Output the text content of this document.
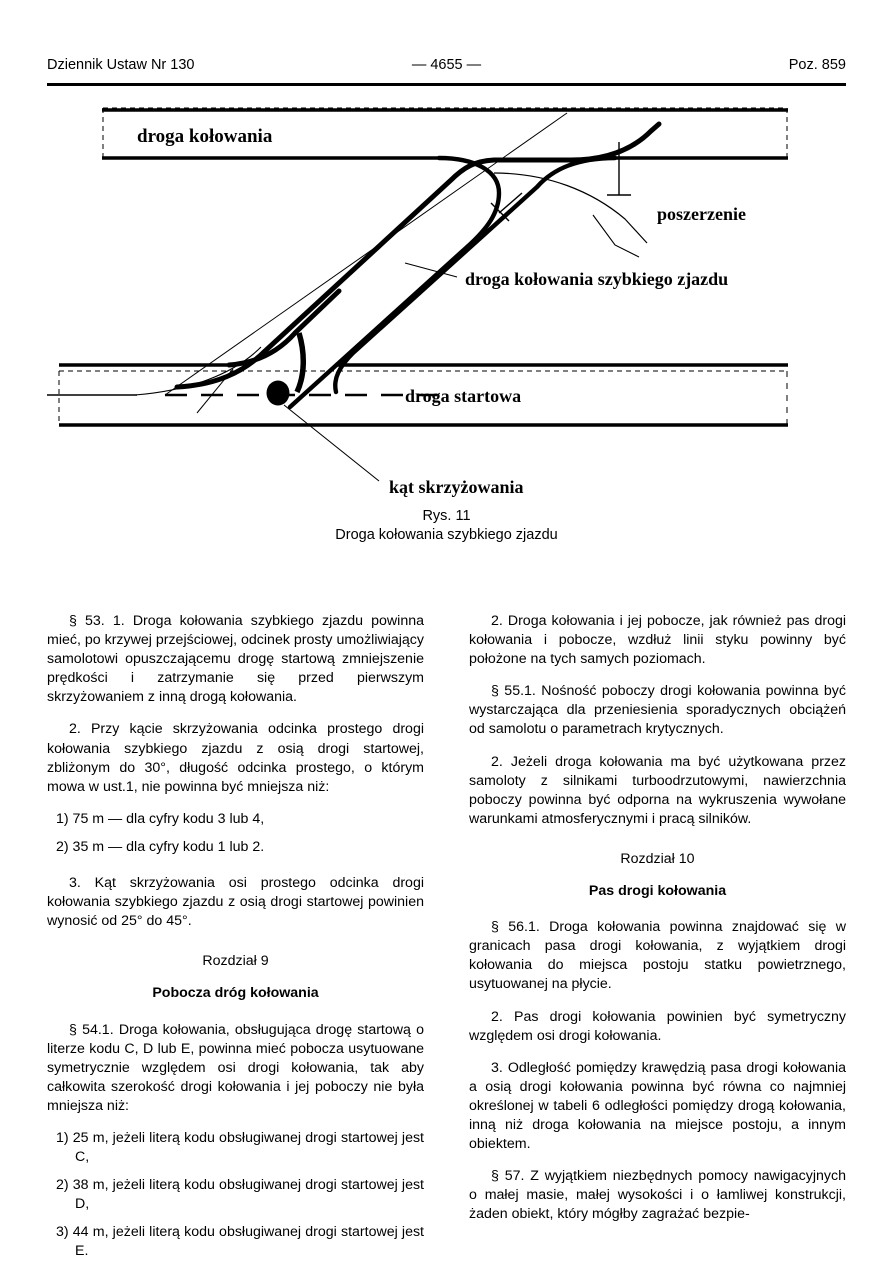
Dziennik Ustaw Nr 130	— 4655 —	Poz. 859
droga kołowania
poszerzenie
droga kołowania szybkiego zjazdu
droga startowa
kąt skrzyżowania
Rys. 11
Droga kołowania szybkiego zjazdu

§ 53. 1. Droga kołowania szybkiego zjazdu powinna mieć, po krzywej przejściowej, odcinek prosty umożliwiający samolotowi opuszczającemu drogę startową zmniejszenie prędkości i zatrzymanie się przed pierwszym skrzyżowaniem z inną drogą kołowania.

2. Przy kącie skrzyżowania odcinka prostego drogi kołowania szybkiego zjazdu z osią drogi startowej, zbliżonym do 30°, długość odcinka prostego, o którym mowa w ust.1, nie powinna być mniejsza niż:

1) 75 m — dla cyfry kodu 3 lub 4,

2) 35 m — dla cyfry kodu 1 lub 2.

3. Kąt skrzyżowania osi prostego odcinka drogi kołowania szybkiego zjazdu z osią drogi startowej powinien wynosić od 25° do 45°.

Rozdział 9

Pobocza dróg kołowania

§ 54.1. Droga kołowania, obsługująca drogę startową o literze kodu C, D lub E, powinna mieć pobocza usytuowane symetrycznie względem osi drogi kołowania, tak aby całkowita szerokość drogi kołowania i jej poboczy nie była mniejsza niż:

1) 25 m, jeżeli literą kodu obsługiwanej drogi startowej jest C,

2) 38 m, jeżeli literą kodu obsługiwanej drogi startowej jest D,

3) 44 m, jeżeli literą kodu obsługiwanej drogi startowej jest E.

2. Droga kołowania i jej pobocze, jak również pas drogi kołowania i pobocze, wzdłuż linii styku powinny być położone na tych samych poziomach.

§ 55.1. Nośność poboczy drogi kołowania powinna być wystarczająca dla przeniesienia sporadycznych obciążeń od samolotu o parametrach krytycznych.

2. Jeżeli droga kołowania ma być użytkowana przez samoloty z silnikami turboodrzutowymi, nawierzchnia poboczy powinna być odporna na wykruszenia wywołane warunkami atmosferycznymi i pracą silników.

Rozdział 10

Pas drogi kołowania

§ 56.1. Droga kołowania powinna znajdować się w granicach pasa drogi kołowania, z wyjątkiem drogi kołowania do miejsca postoju statku powietrznego, usytuowanej na płycie.

2. Pas drogi kołowania powinien być symetryczny względem osi drogi kołowania.

3. Odległość pomiędzy krawędzią pasa drogi kołowania a osią drogi kołowania powinna być równa co najmniej określonej w tabeli 6 odległości pomiędzy drogą kołowania, inną niż droga kołowania na miejsce postoju, a innym obiektem.

§ 57. Z wyjątkiem niezbędnych pomocy nawigacyjnych o małej masie, małej wysokości i o łamliwej konstrukcji, żaden obiekt, który mógłby zagrażać bezpie-
